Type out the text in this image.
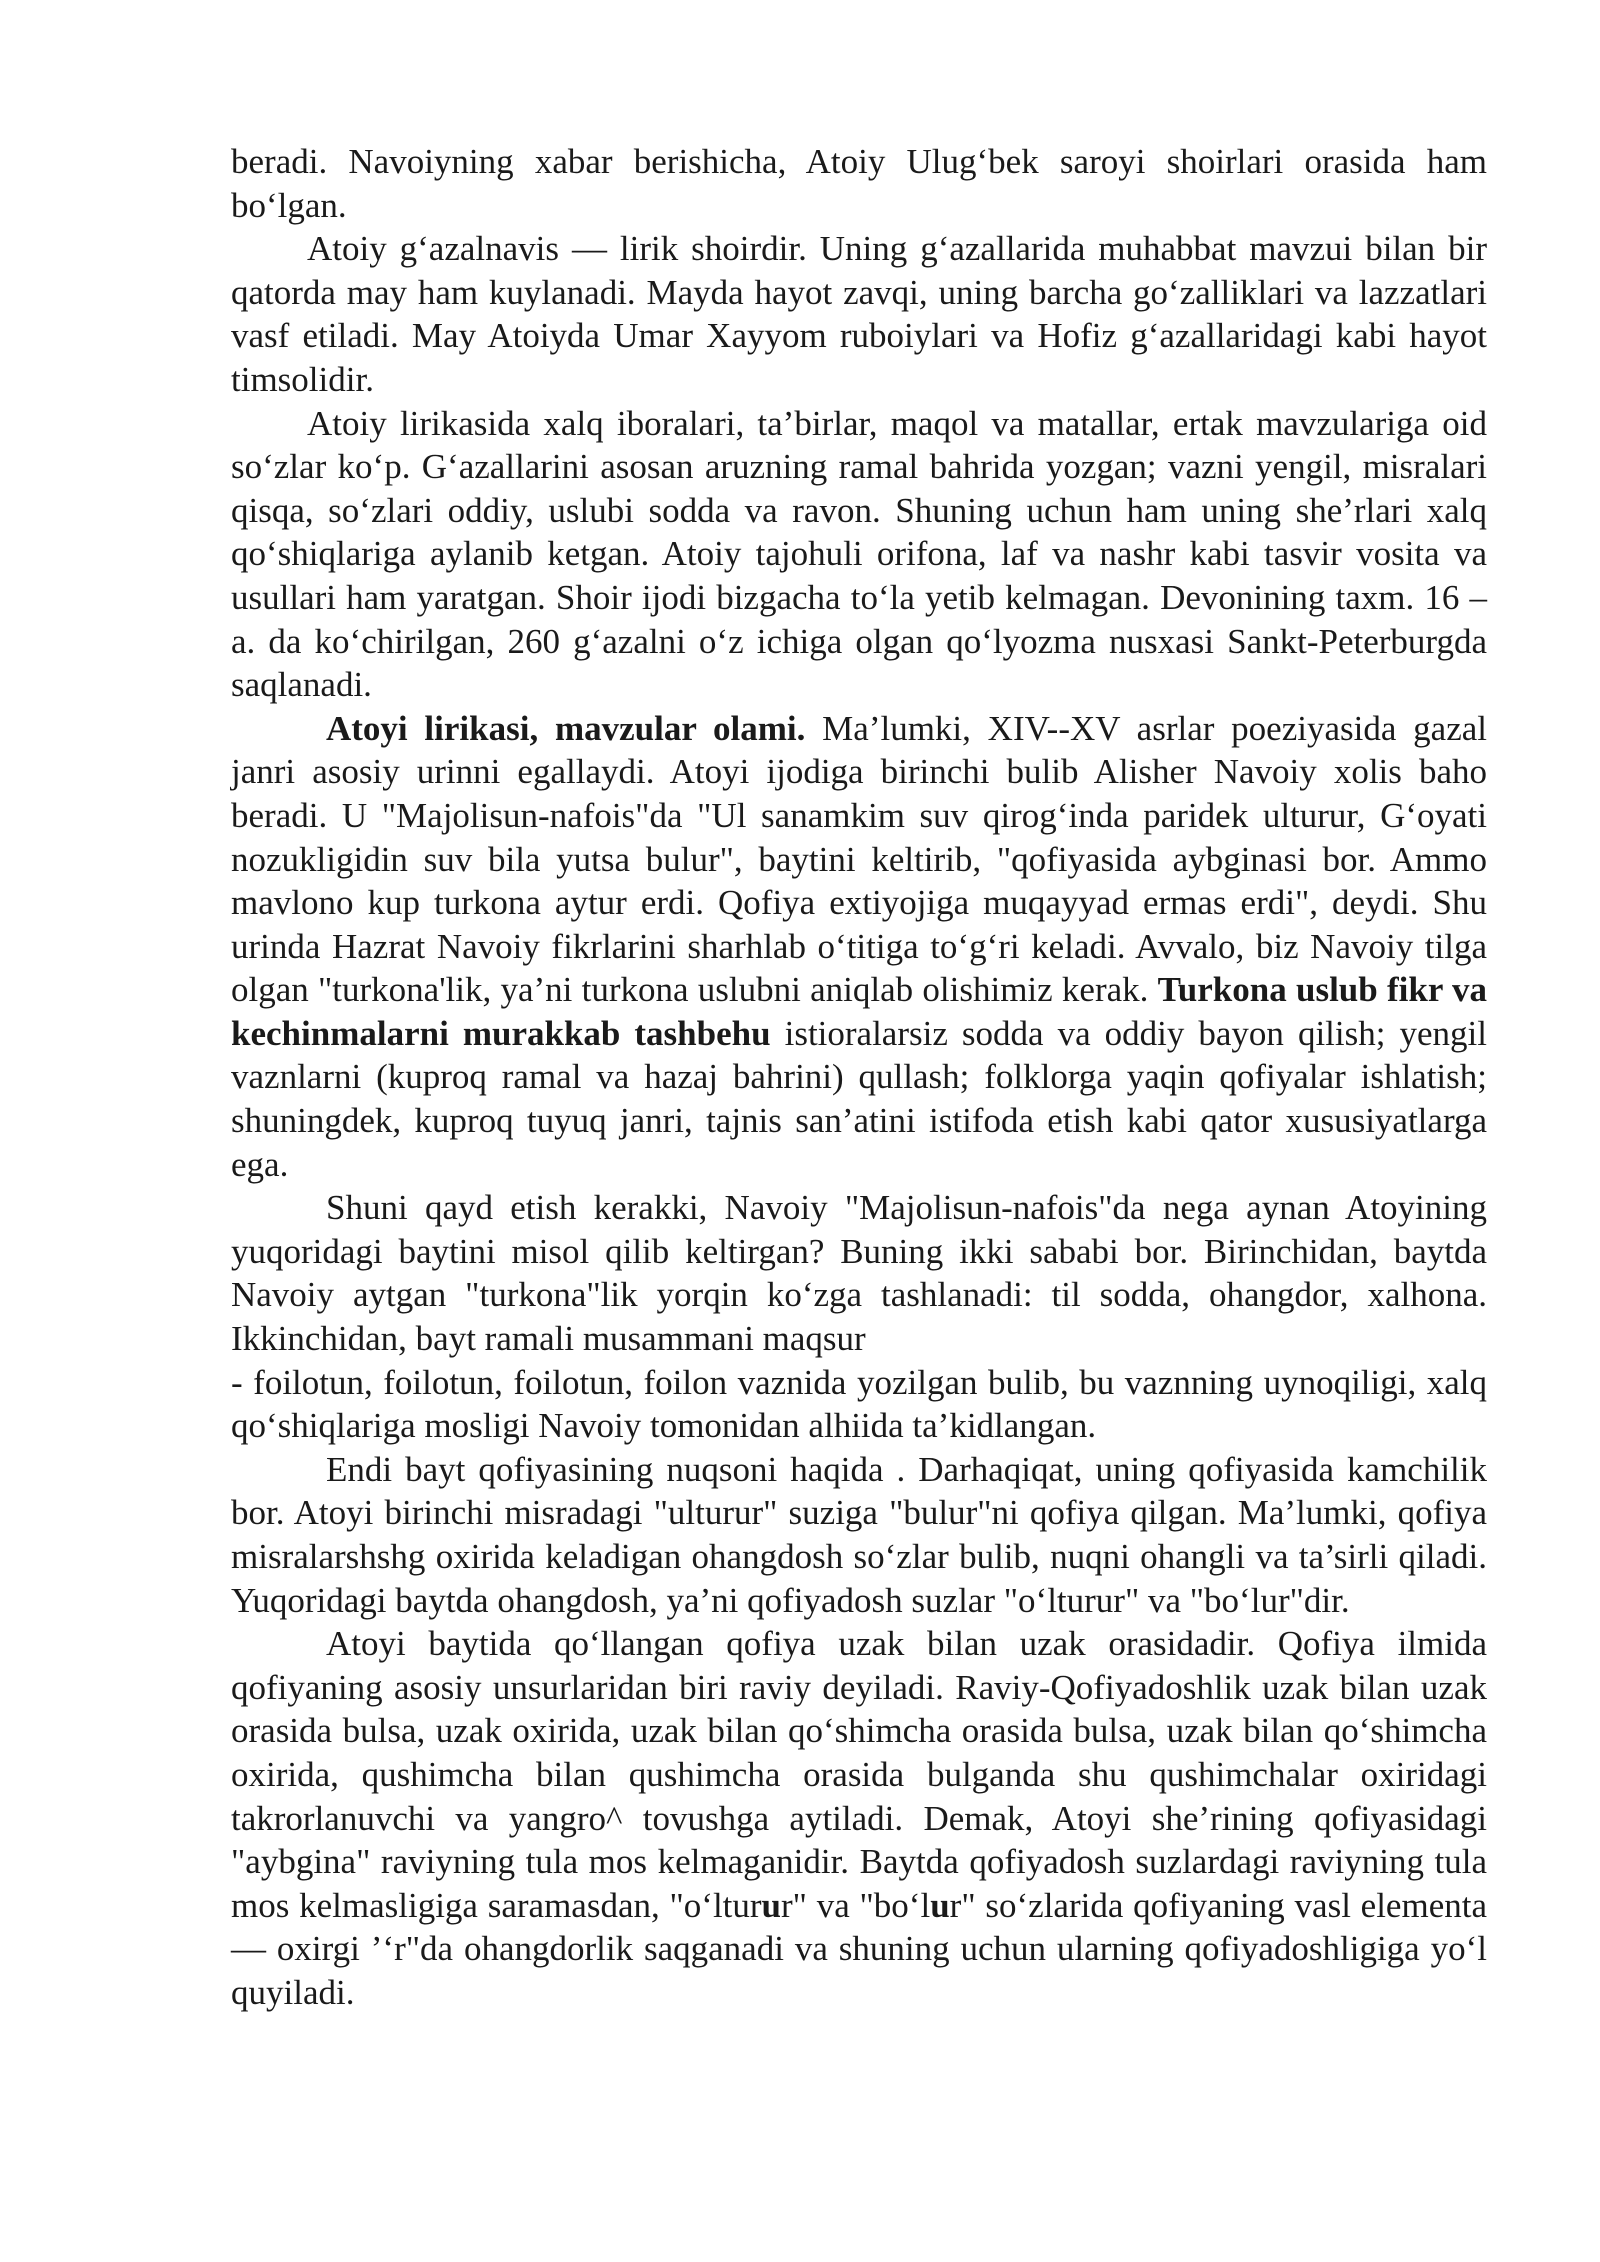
beradi. Navoiyning xabar berishicha, Atoiy Ulug‘bek saroyi shoirlari orasida ham bo‘lgan.

Atoiy g‘azalnavis — lirik shoirdir. Uning g‘azallarida muhabbat mavzui bilan bir qatorda may ham kuylanadi. Mayda hayot zavqi, uning barcha go‘zalliklari va lazzatlari vasf etiladi. May Atoiyda Umar Xayyom ruboiylari va Hofiz g‘azallaridagi kabi hayot timsolidir.

Atoiy lirikasida xalq iboralari, ta’birlar, maqol va matallar, ertak mavzulariga oid so‘zlar ko‘p. G‘azallarini asosan aruzning ramal bahrida yozgan; vazni yengil, misralari qisqa, so‘zlari oddiy, uslubi sodda va ravon. Shuning uchun ham uning she’rlari xalq qo‘shiqlariga aylanib ketgan. Atoiy tajohuli orifona, laf va nashr kabi tasvir vosita va usullari ham yaratgan. Shoir ijodi bizgacha to‘la yetib kelmagan. Devonining taxm. 16 – a. da ko‘chirilgan, 260 g‘azalni o‘z ichiga olgan qo‘lyozma nusxasi Sankt-Peterburgda saqlanadi.

Atoyi lirikasi, mavzular olami. Ma’lumki, XIV--XV asrlar poeziyasida gazal janri asosiy urinni egallaydi. Atoyi ijodiga birinchi bulib Alisher Navoiy xolis baho beradi. U "Majolisun-nafois"da "Ul sanamkim suv qirog‘inda paridek ulturur, G‘oyati nozukligidin suv bila yutsa bulur", baytini keltirib, "qofiyasida aybginasi bor. Ammo mavlono kup turkona aytur erdi. Qofiya extiyojiga muqayyad ermas erdi", deydi. Shu urinda Hazrat Navoiy fikrlarini sharhlab o‘titiga to‘g‘ri keladi. Avvalo, biz Navoiy tilga olgan "turkona'lik, ya’ni turkona uslubni aniqlab olishimiz kerak. Turkona uslub fikr va kechinmalarni murakkab tashbehu istioralarsiz sodda va oddiy bayon qilish; yengil vaznlarni (kuproq ramal va hazaj bahrini) qullash; folklorga yaqin qofiyalar ishlatish; shuningdek, kuproq tuyuq janri, tajnis san’atini istifoda etish kabi qator xususiyatlarga ega.

Shuni qayd etish kerakki, Navoiy "Majolisun-nafois"da nega aynan Atoyining yuqoridagi baytini misol qilib keltirgan? Buning ikki sababi bor. Birinchidan, baytda Navoiy aytgan "turkona"lik yorqin ko‘zga tashlanadi: til sodda, ohangdor, xalhona. Ikkinchidan, bayt ramali musammani maqsur

- foilotun, foilotun, foilotun, foilon vaznida yozilgan bulib, bu vaznning uynoqiligi, xalq qo‘shiqlariga mosligi Navoiy tomonidan alhiida ta’kidlangan.

Endi bayt qofiyasining nuqsoni haqida . Darhaqiqat, uning qofiyasida kamchilik bor. Atoyi birinchi misradagi "ulturur" suziga "bulur"ni qofiya qilgan. Ma’lumki, qofiya misralarshshg oxirida keladigan ohangdosh so‘zlar bulib, nuqni ohangli va ta’sirli qiladi. Yuqoridagi baytda ohangdosh, ya’ni qofiyadosh suzlar "o‘lturur" va "bo‘lur"dir.

Atoyi baytida qo‘llangan qofiya uzak bilan uzak orasidadir. Qofiya ilmida qofiyaning asosiy unsurlaridan biri raviy deyiladi. Raviy-Qofiyadoshlik uzak bilan uzak orasida bulsa, uzak oxirida, uzak bilan qo‘shimcha orasida bulsa, uzak bilan qo‘shimcha oxirida, qushimcha bilan qushimcha orasida bulganda shu qushimchalar oxiridagi takrorlanuvchi va yangro^ tovushga aytiladi. Demak, Atoyi she’rining qofiyasidagi "aybgina" raviyning tula mos kelmaganidir. Baytda qofiyadosh suzlardagi raviyning tula mos kelmasligiga saramasdan, "o‘lturur" va "bo‘lur" so‘zlarida qofiyaning vasl elementa — oxirgi ’‘r"da ohangdorlik saqganadi va shuning uchun ularning qofiyadoshligiga yo‘l quyiladi.
